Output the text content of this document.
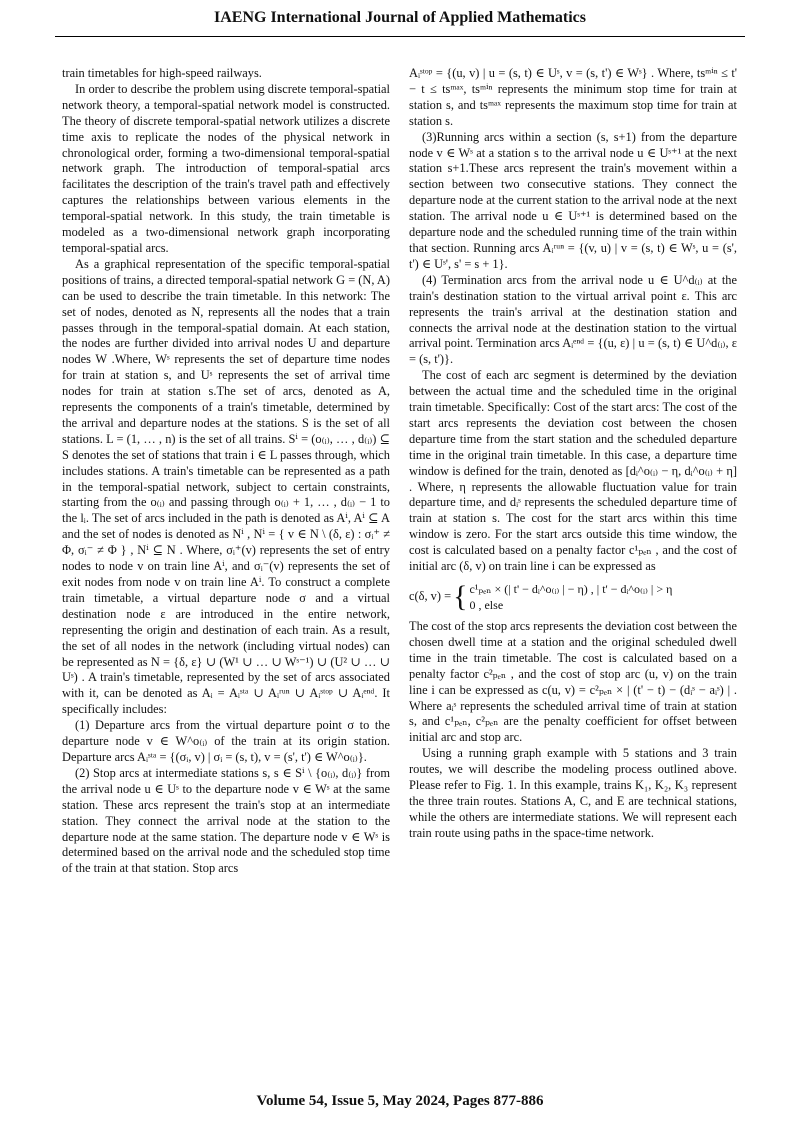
IAENG International Journal of Applied Mathematics

train timetables for high-speed railways.

In order to describe the problem using discrete temporal-spatial network theory, a temporal-spatial network model is constructed. The theory of discrete temporal-spatial network utilizes a discrete time axis to replicate the nodes of the physical network in chronological order, forming a two-dimensional temporal-spatial network graph. The introduction of temporal-spatial arcs facilitates the description of the train's travel path and effectively captures the relationships between various elements in the temporal-spatial network. In this study, the train timetable is modeled as a two-dimensional network graph incorporating temporal-spatial arcs.

As a graphical representation of the specific temporal-spatial positions of trains, a directed temporal-spatial network G = (N, A) can be used to describe the train timetable. In this network: The set of nodes, denoted as N, represents all the nodes that a train passes through in the temporal-spatial domain. At each station, the nodes are further divided into arrival nodes U and departure nodes W .Where, Wˢ represents the set of departure time nodes for train at station s, and Uˢ represents the set of arrival time nodes for train at station s.The set of arcs, denoted as A, represents the components of a train's timetable, determined by the arrival and departure nodes at the stations. S is the set of all stations. L = (1, … , n) is the set of all trains. Sⁱ = (o₍ᵢ₎, … , d₍ᵢ₎) ⊆ S denotes the set of stations that train i ∈ L passes through, which includes stations. A train's timetable can be represented as a path in the temporal-spatial network, subject to certain constraints, starting from the o₍ᵢ₎ and passing through o₍ᵢ₎ + 1, … , d₍ᵢ₎ − 1 to the lᵢ. The set of arcs included in the path is denoted as Aⁱ, Aⁱ ⊆ A and the set of nodes is denoted as Nⁱ , Nⁱ = { v ∈ N \ (δ, ε) : σᵢ⁺ ≠ Φ, σᵢ⁻ ≠ Φ } , Nⁱ ⊆ N . Where, σᵢ⁺(v) represents the set of entry nodes to node v on train line Aⁱ, and σᵢ⁻(v) represents the set of exit nodes from node v on train line Aⁱ. To construct a complete train timetable, a virtual departure node σ and a virtual destination node ε are introduced in the entire network, representing the origin and destination of each train. As a result, the set of all nodes in the network (including virtual nodes) can be represented as N = {δ, ε} ∪ (W¹ ∪ … ∪ Wˢ⁻¹) ∪ (U² ∪ … ∪ Uˢ) . A train's timetable, represented by the set of arcs associated with it, can be denoted as Aᵢ = Aᵢˢᵗᵃ ∪ Aᵢʳᵘⁿ ∪ Aᵢˢᵗᵒᵖ ∪ Aᵢᵉⁿᵈ. It specifically includes:

(1) Departure arcs from the virtual departure point σ to the departure node v ∈ W^o₍ᵢ₎ of the train at its origin station. Departure arcs Aᵢˢᵗᵃ = {(σᵢ, v) | σᵢ = (s, t), v = (s', t') ∈ W^o₍ᵢ₎}.

(2) Stop arcs at intermediate stations s, s ∈ Sⁱ \ {o₍ᵢ₎, d₍ᵢ₎} from the arrival node u ∈ Uˢ to the departure node v ∈ Wˢ at the same station. These arcs represent the train's stop at an intermediate station. They connect the arrival node at the station to the departure node at the same station. The departure node v ∈ Wˢ is determined based on the arrival node and the scheduled stop time of the train at that station. Stop arcs

Aᵢˢᵗᵒᵖ = {(u, v) | u = (s, t) ∈ Uˢ, v = (s, t') ∈ Wˢ} . Where, tsᵐⁱⁿ ≤ t' − t ≤ tsᵐᵃˣ, tsᵐⁱⁿ represents the minimum stop time for train at station s, and tsᵐᵃˣ represents the maximum stop time for train at station s.

(3)Running arcs within a section (s, s+1) from the departure node v ∈ Wˢ at a station s to the arrival node u ∈ Uˢ⁺¹ at the next station s+1.These arcs represent the train's movement within a section between two consecutive stations. They connect the departure node at the current station to the arrival node at the next station. The arrival node u ∈ Uˢ⁺¹ is determined based on the departure node and the scheduled running time of the train within that section. Running arcs Aᵢʳᵘⁿ = {(v, u) | v = (s, t) ∈ Wˢ, u = (s', t') ∈ Uˢ', s' = s + 1}.

(4) Termination arcs from the arrival node u ∈ U^d₍ᵢ₎ at the train's destination station to the virtual arrival point ε. This arc represents the train's arrival at the destination station and connects the arrival node at the destination station to the virtual arrival point. Termination arcs Aᵢᵉⁿᵈ = {(u, ε) | u = (s, t) ∈ U^d₍ᵢ₎, ε = (s, t')}.

The cost of each arc segment is determined by the deviation between the actual time and the scheduled time in the original train timetable. Specifically: Cost of the start arcs: The cost of the start arcs represents the deviation cost between the chosen departure time from the start station and the scheduled departure time in the original train timetable. In this case, a departure time window is defined for the train, denoted as [dᵢ^o₍ᵢ₎ − η, dᵢ^o₍ᵢ₎ + η] . Where, η represents the allowable fluctuation value for train departure time, and dᵢˢ represents the scheduled departure time of train at station s. The cost for the start arcs within this time window is zero. For the start arcs outside this time window, the cost is calculated based on a penalty factor c¹ₚₑₙ , and the cost of initial arc (δ, v) on train line i can be expressed as

c(δ, v) = { c¹ₚₑₙ × (| t' − dᵢ^o₍ᵢ₎ | − η) , | t' − dᵢ^o₍ᵢ₎ | > η
0 , else

The cost of the stop arcs represents the deviation cost between the chosen dwell time at a station and the original scheduled dwell time in the train timetable. The cost is calculated based on a penalty factor c²ₚₑₙ , and the cost of stop arc (u, v) on the train line i can be expressed as c(u, v) = c²ₚₑₙ × | (t' − t) − (dᵢˢ − aᵢˢ) | . Where aᵢˢ represents the scheduled arrival time of train at station s, and c¹ₚₑₙ, c²ₚₑₙ are the penalty coefficient for offset between initial arc and stop arc.

Using a running graph example with 5 stations and 3 train routes, we will describe the modeling process outlined above. Please refer to Fig. 1. In this example, trains K₁, K₂, K₃ represent the three train routes. Stations A, C, and E are technical stations, while the others are intermediate stations. We will represent each train route using paths in the space-time network.

Volume 54, Issue 5, May 2024, Pages 877-886
